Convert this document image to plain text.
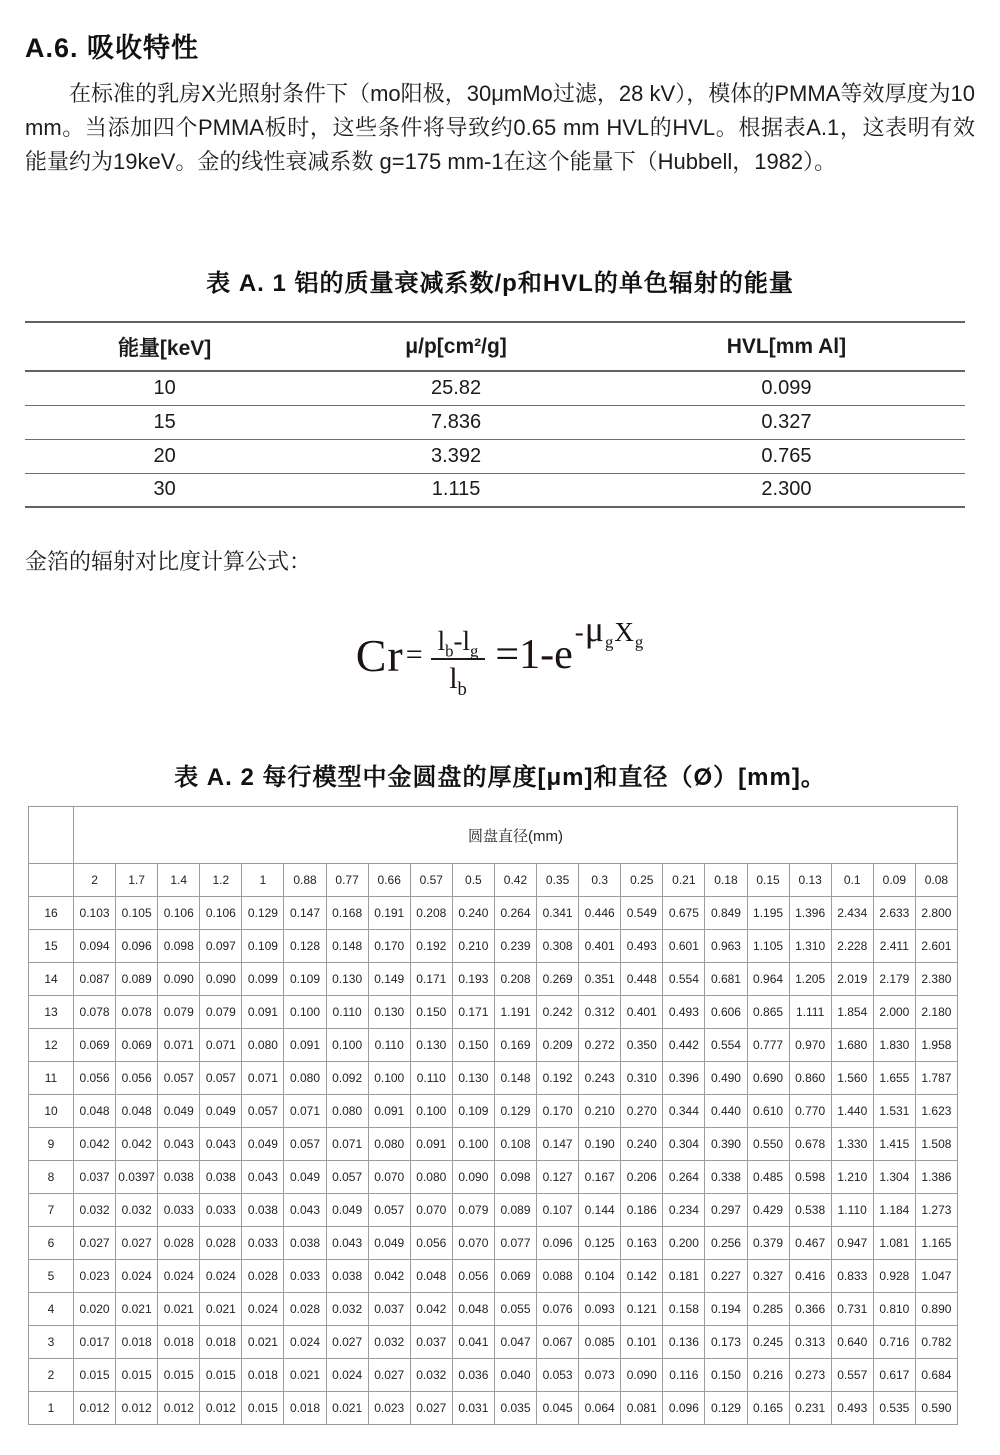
A.6. 吸收特性

在标准的乳房X光照射条件下（mo阳极，30μmMo过滤，28 kV），模体的PMMA等效厚度为10 mm。当添加四个PMMA板时，这些条件将导致约0.65 mm HVL的HVL。根据表A.1，这表明有效能量约为19keV。金的线性衰减系数 g=175 mm-1在这个能量下（Hubbell，1982）。

表 A. 1 铝的质量衰减系数/p和HVL的单色辐射的能量
能量[keV]	μ/p[cm²/g]	HVL[mm Al]
10	25.82	0.099
15	7.836	0.327
20	3.392	0.765
30	1.115	2.300

金箔的辐射对比度计算公式：

$Cr = \frac{l_b-l_g}{l_b} =1-e$ $-\mu_gX_g$
表 A. 2 每行模型中金圆盘的厚度[μm]和直径（Ø）[mm]。
	圆盘直径(mm)																				
	2	1.7	1.4	1.2	1	0.88	0.77	0.66	0.57	0.5	0.42	0.35	0.3	0.25	0.21	0.18	0.15	0.13	0.1	0.09	0.08
16	0.103	0.105	0.106	0.106	0.129	0.147	0.168	0.191	0.208	0.240	0.264	0.341	0.446	0.549	0.675	0.849	1.195	1.396	2.434	2.633	2.800
15	0.094	0.096	0.098	0.097	0.109	0.128	0.148	0.170	0.192	0.210	0.239	0.308	0.401	0.493	0.601	0.963	1.105	1.310	2.228	2.411	2.601
14	0.087	0.089	0.090	0.090	0.099	0.109	0.130	0.149	0.171	0.193	0.208	0.269	0.351	0.448	0.554	0.681	0.964	1.205	2.019	2.179	2.380
13	0.078	0.078	0.079	0.079	0.091	0.100	0.110	0.130	0.150	0.171	1.191	0.242	0.312	0.401	0.493	0.606	0.865	1.111	1.854	2.000	2.180
12	0.069	0.069	0.071	0.071	0.080	0.091	0.100	0.110	0.130	0.150	0.169	0.209	0.272	0.350	0.442	0.554	0.777	0.970	1.680	1.830	1.958
11	0.056	0.056	0.057	0.057	0.071	0.080	0.092	0.100	0.110	0.130	0.148	0.192	0.243	0.310	0.396	0.490	0.690	0.860	1.560	1.655	1.787
10	0.048	0.048	0.049	0.049	0.057	0.071	0.080	0.091	0.100	0.109	0.129	0.170	0.210	0.270	0.344	0.440	0.610	0.770	1.440	1.531	1.623
9	0.042	0.042	0.043	0.043	0.049	0.057	0.071	0.080	0.091	0.100	0.108	0.147	0.190	0.240	0.304	0.390	0.550	0.678	1.330	1.415	1.508
8	0.037	0.0397	0.038	0.038	0.043	0.049	0.057	0.070	0.080	0.090	0.098	0.127	0.167	0.206	0.264	0.338	0.485	0.598	1.210	1.304	1.386
7	0.032	0.032	0.033	0.033	0.038	0.043	0.049	0.057	0.070	0.079	0.089	0.107	0.144	0.186	0.234	0.297	0.429	0.538	1.110	1.184	1.273
6	0.027	0.027	0.028	0.028	0.033	0.038	0.043	0.049	0.056	0.070	0.077	0.096	0.125	0.163	0.200	0.256	0.379	0.467	0.947	1.081	1.165
5	0.023	0.024	0.024	0.024	0.028	0.033	0.038	0.042	0.048	0.056	0.069	0.088	0.104	0.142	0.181	0.227	0.327	0.416	0.833	0.928	1.047
4	0.020	0.021	0.021	0.021	0.024	0.028	0.032	0.037	0.042	0.048	0.055	0.076	0.093	0.121	0.158	0.194	0.285	0.366	0.731	0.810	0.890
3	0.017	0.018	0.018	0.018	0.021	0.024	0.027	0.032	0.037	0.041	0.047	0.067	0.085	0.101	0.136	0.173	0.245	0.313	0.640	0.716	0.782
2	0.015	0.015	0.015	0.015	0.018	0.021	0.024	0.027	0.032	0.036	0.040	0.053	0.073	0.090	0.116	0.150	0.216	0.273	0.557	0.617	0.684
1	0.012	0.012	0.012	0.012	0.015	0.018	0.021	0.023	0.027	0.031	0.035	0.045	0.064	0.081	0.096	0.129	0.165	0.231	0.493	0.535	0.590
